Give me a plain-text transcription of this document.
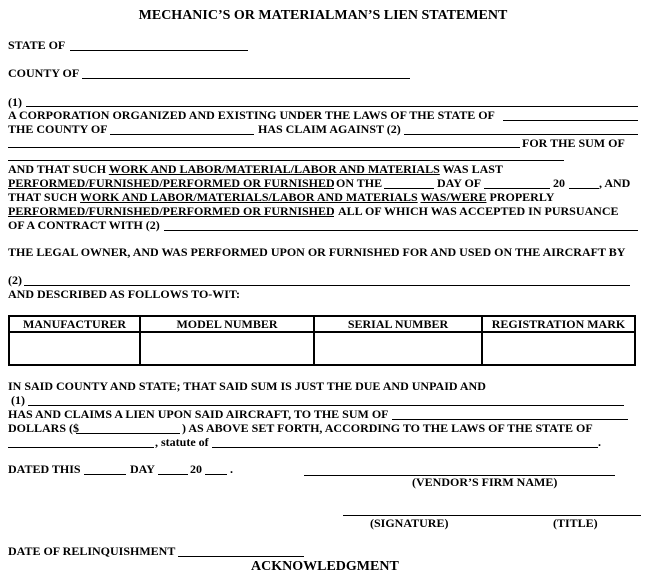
MECHANIC’S OR MATERIALMAN’S LIEN STATEMENT
STATE OF
COUNTY OF
(1)
A CORPORATION ORGANIZED AND EXISTING UNDER THE LAWS OF THE STATE OF
THE COUNTY OF	HAS CLAIM AGAINST (2)
FOR THE SUM OF
AND THAT SUCH WORK AND LABOR/MATERIAL/LABOR AND MATERIALS WAS LAST
PERFORMED/FURNISHED/PERFORMED OR FURNISHED ON THE	DAY OF	20	, AND
THAT SUCH WORK AND LABOR/MATERIALS/LABOR AND MATERIALS WAS/WERE PROPERLY
PERFORMED/FURNISHED/PERFORMED OR FURNISHED ALL OF WHICH WAS ACCEPTED IN PURSUANCE
OF A CONTRACT WITH (2)
THE LEGAL OWNER, AND WAS PERFORMED UPON OR FURNISHED FOR AND USED ON THE AIRCRAFT BY
(2)
AND DESCRIBED AS FOLLOWS TO-WIT:
MANUFACTURER	MODEL NUMBER	SERIAL NUMBER	REGISTRATION MARK

IN SAID COUNTY AND STATE; THAT SAID SUM IS JUST THE DUE AND UNPAID AND
(1)
HAS AND CLAIMS A LIEN UPON SAID AIRCRAFT, TO THE SUM OF
DOLLARS ($	) AS ABOVE SET FORTH, ACCORDING TO THE LAWS OF THE STATE OF
, statute of	.
DATED THIS	DAY	20 .
(VENDOR’S FIRM NAME)
(SIGNATURE)	(TITLE)
DATE OF RELINQUISHMENT
ACKNOWLEDGMENT
